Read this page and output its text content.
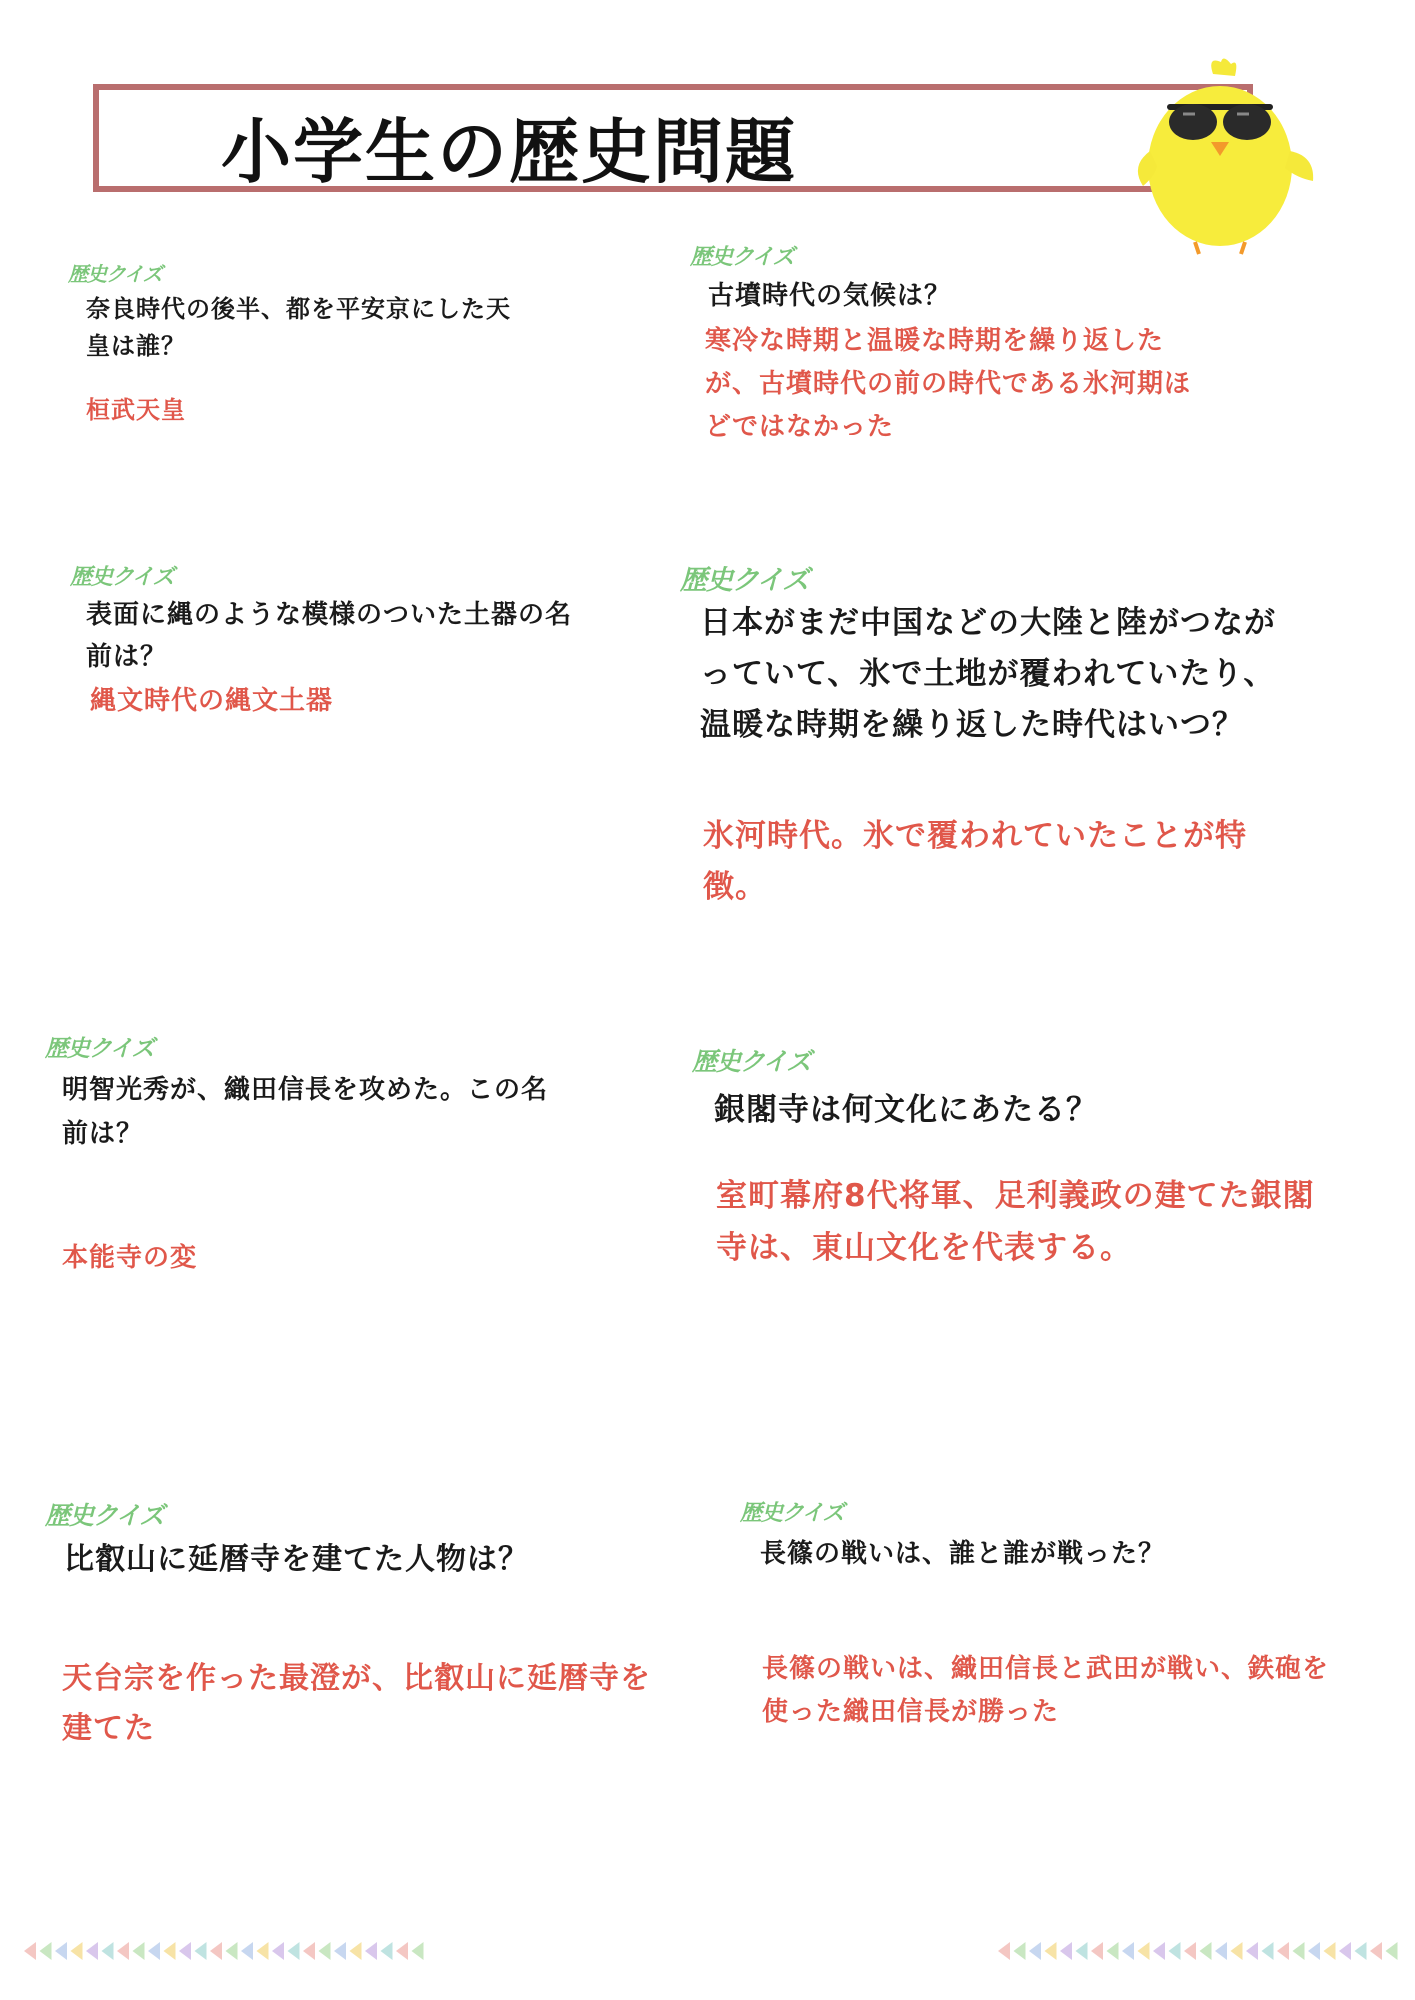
小学生の歴史問題
歴史クイズ
奈良時代の後半、都を平安京にした天皇は誰？
桓武天皇
歴史クイズ
古墳時代の気候は？
寒冷な時期と温暖な時期を繰り返したが、古墳時代の前の時代である氷河期ほどではなかった
歴史クイズ
表面に縄のような模様のついた土器の名前は？
縄文時代の縄文土器
歴史クイズ
日本がまだ中国などの大陸と陸がつながっていて、氷で土地が覆われていたり、温暖な時期を繰り返した時代はいつ？
氷河時代。氷で覆われていたことが特徴。
歴史クイズ
明智光秀が、織田信長を攻めた。この名前は？
本能寺の変
歴史クイズ
銀閣寺は何文化にあたる？
室町幕府8代将軍、足利義政の建てた銀閣寺は、東山文化を代表する。
歴史クイズ
比叡山に延暦寺を建てた人物は？
天台宗を作った最澄が、比叡山に延暦寺を建てた
歴史クイズ
長篠の戦いは、誰と誰が戦った？
長篠の戦いは、織田信長と武田が戦い、鉄砲を使った織田信長が勝った
